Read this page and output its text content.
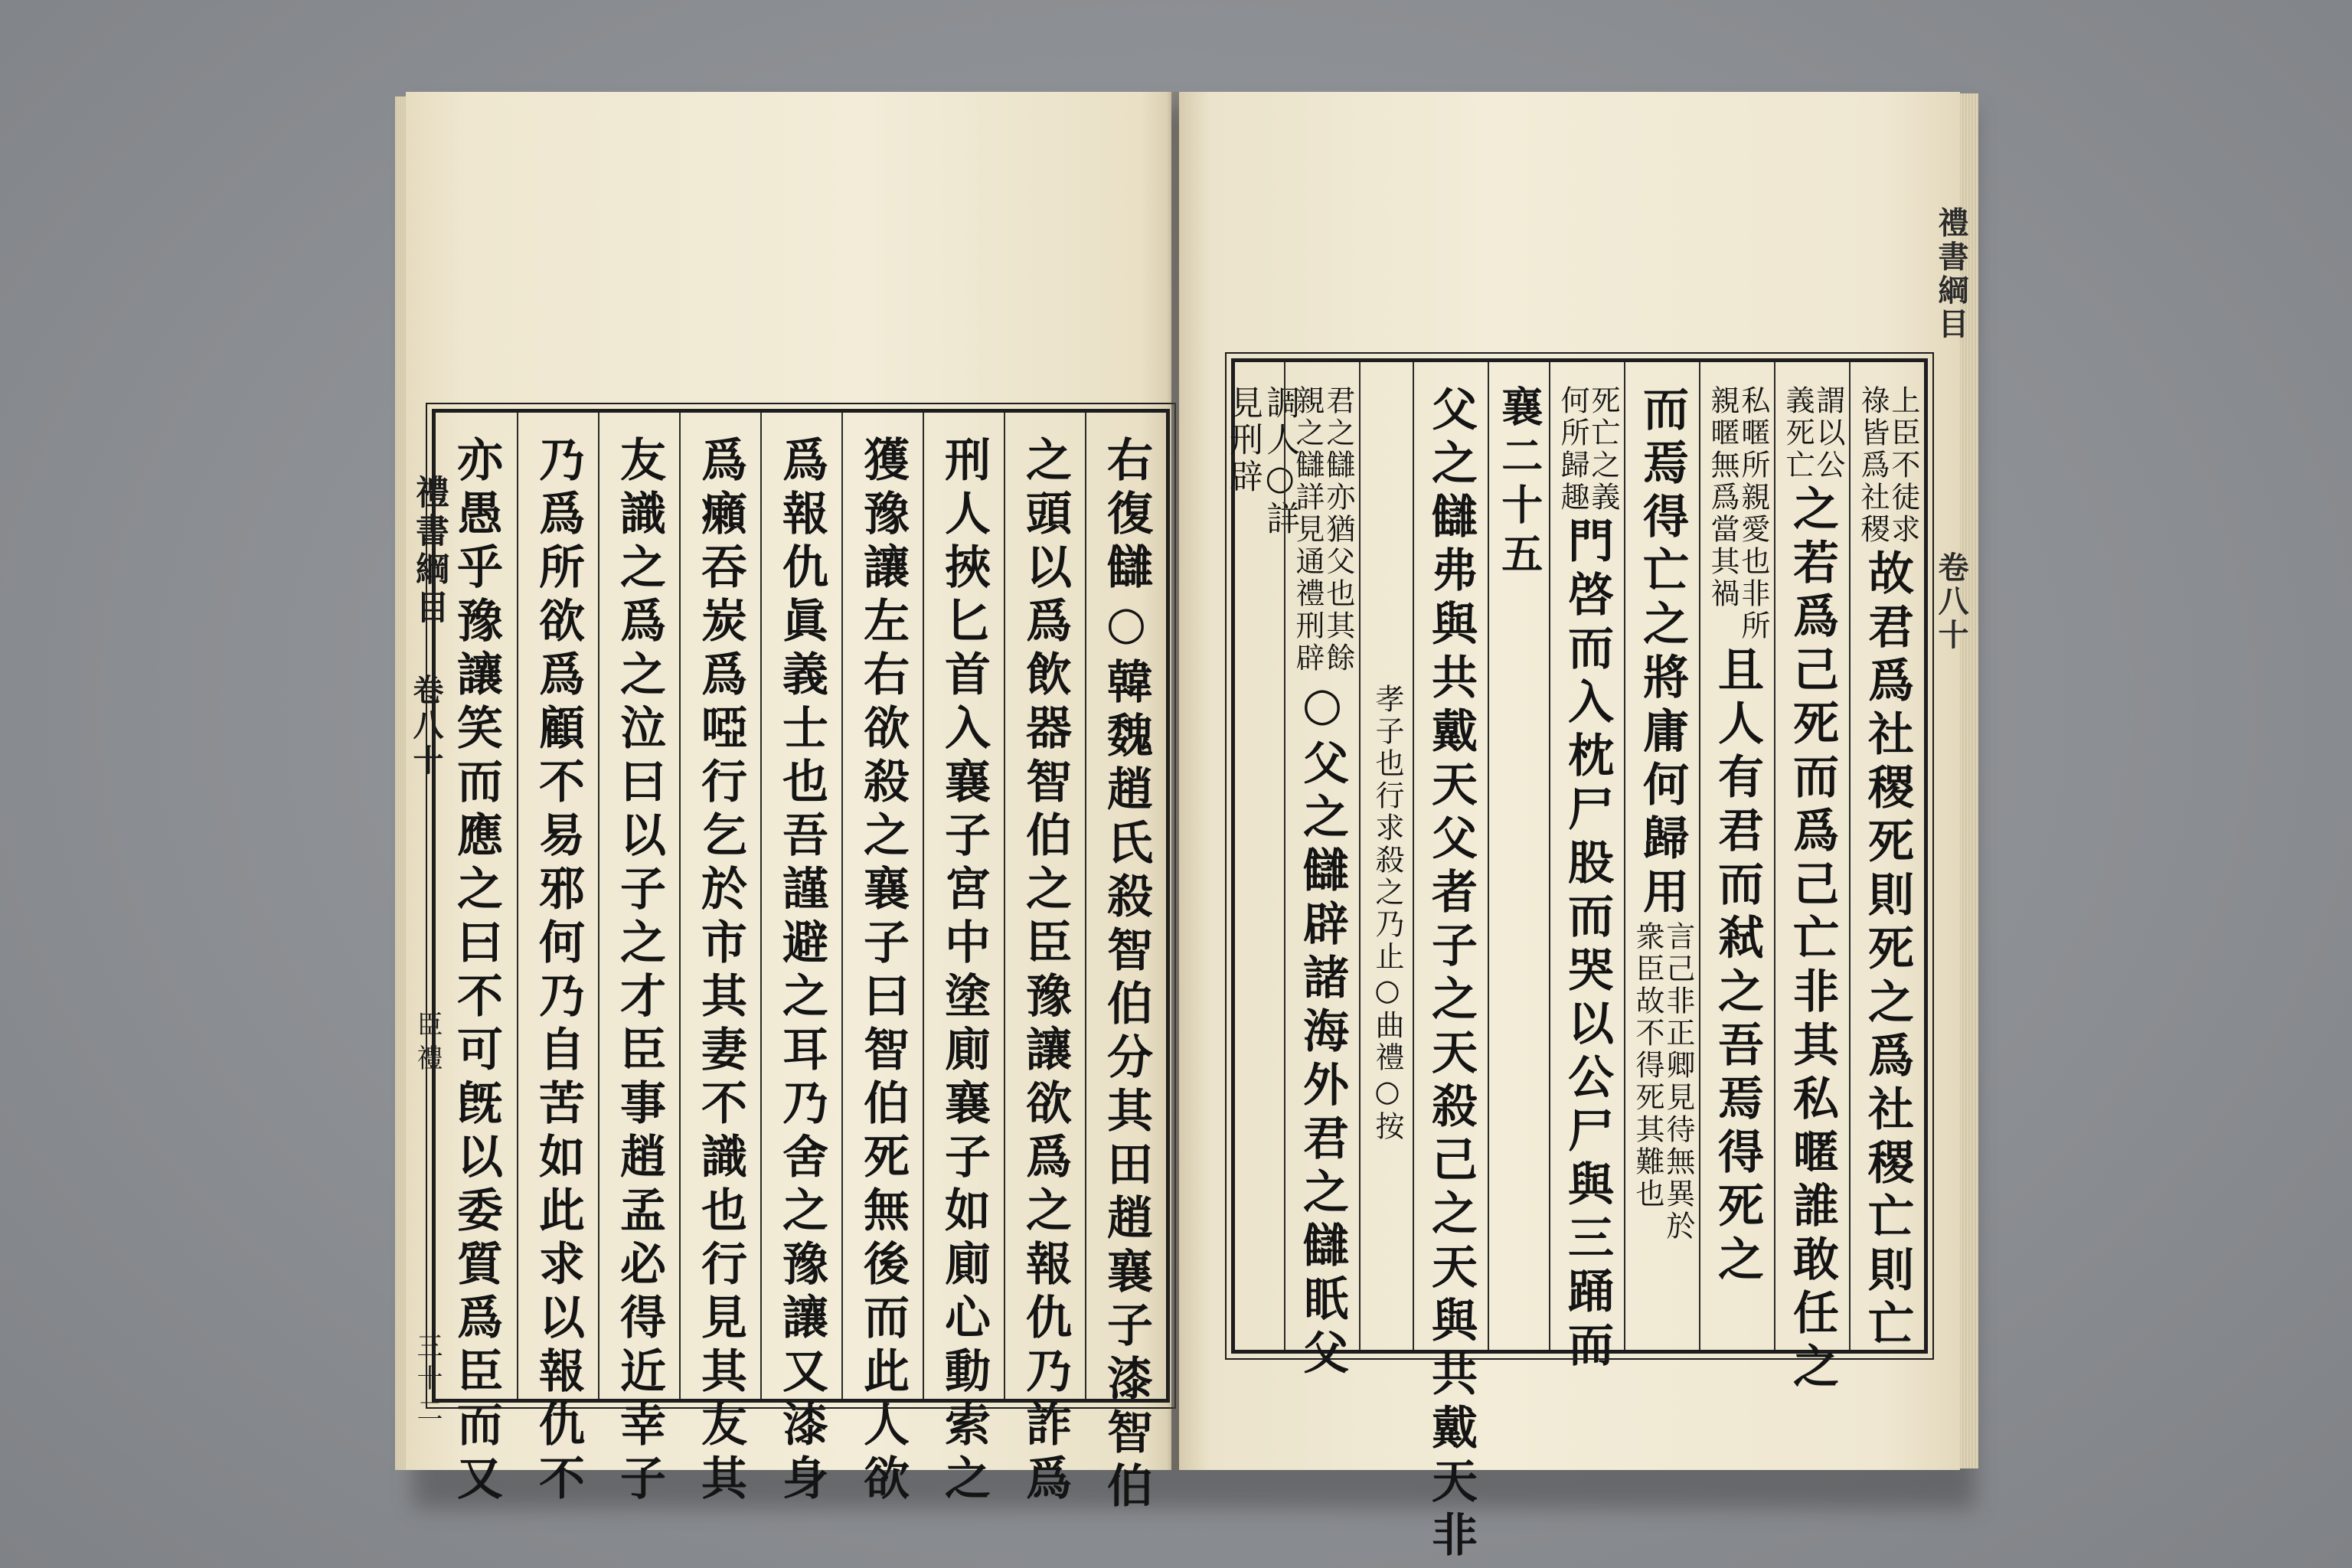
禮書綱目
卷八十
臣禮
三十二	右復讎○韓魏趙氏殺智伯分其田趙襄子漆智伯
之頭以爲飲器智伯之臣豫讓欲爲之報仇乃詐爲
刑人挾匕首入襄子宮中塗廁襄子如廁心動索之
獲豫讓左右欲殺之襄子曰智伯死無後而此人欲
爲報仇眞義士也吾謹避之耳乃舍之豫讓又漆身
爲癩吞炭爲啞行乞於市其妻不識也行見其友其
友識之爲之泣曰以子之才臣事趙孟必得近幸子
乃爲所欲爲顧不易邪何乃自苦如此求以報仇不
亦愚乎豫讓笑而應之曰不可旣以委質爲臣而又
禮書綱目
卷八十
上臣不徒求
祿皆爲社稷
故君爲社稷死則死之爲社稷亡則亡
謂以公
義死亡
之若爲己死而爲己亡非其私暱誰敢任之
私暱所親愛也非所
親暱無爲當其禍
且人有君而弒之吾焉得死之
而焉得亡之將庸何歸用
言己非正卿見待無異於
衆臣故不得死其難也
死亡之義
何所歸趣
門啓而入枕尸股而哭以公尸與三踊而
襄二十五
父之讎弗與共戴天父者子之天殺己之天與共戴天非
孝子也行求殺之乃止○曲禮○按
君之讎亦猶父也其餘
親之讎詳見通禮刑辟
○父之讎辟諸海外君之讎眂父
調人○詳
見刑辟
